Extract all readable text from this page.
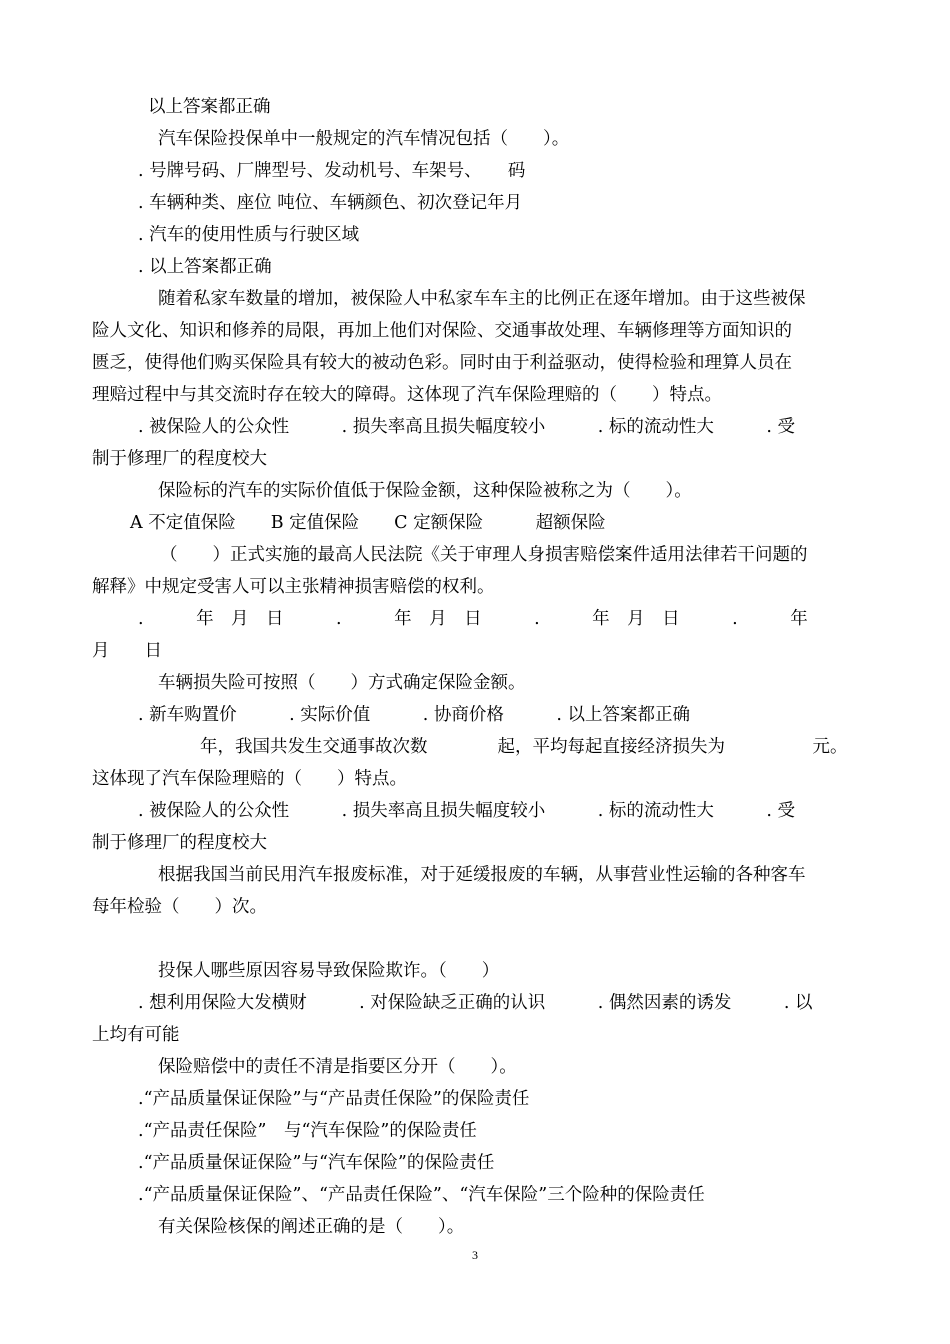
以上答案都正确
汽车保险投保单中一般规定的汽车情况包括（　　）。
. 号牌号码、厂牌型号、发动机号、车架号、　　码
. 车辆种类、座位 吨位、车辆颜色、初次登记年月
. 汽车的使用性质与行驶区域
. 以上答案都正确
随着私家车数量的增加，被保险人中私家车车主的比例正在逐年增加。由于这些被保
险人文化、知识和修养的局限，再加上他们对保险、交通事故处理、车辆修理等方面知识的
匮乏，使得他们购买保险具有较大的被动色彩。同时由于利益驱动，使得检验和理算人员在
理赔过程中与其交流时存在较大的障碍。这体现了汽车保险理赔的（　　）特点。
. 被保险人的公众性　　　. 损失率高且损失幅度较小　　　. 标的流动性大　　　. 受
制于修理厂的程度校大
保险标的汽车的实际价值低于保险金额，这种保险被称之为（　　）。
A 不定值保险　　B 定值保险　　C 定额保险　　　超额保险
（　　）正式实施的最高人民法院《关于审理人身损害赔偿案件适用法律若干问题的
解释》中规定受害人可以主张精神损害赔偿的权利。
.　　　年　月　日　　　.　　　年　月　日　　　.　　　年　月　日　　　.　　　年
月　　日
车辆损失险可按照（　　）方式确定保险金额。
. 新车购置价　　　. 实际价值　　　. 协商价格　　　. 以上答案都正确
年，我国共发生交通事故次数　　　　起，平均每起直接经济损失为　　　　　元。
这体现了汽车保险理赔的（　　）特点。
. 被保险人的公众性　　　. 损失率高且损失幅度较小　　　. 标的流动性大　　　. 受
制于修理厂的程度校大
根据我国当前民用汽车报废标准，对于延缓报废的车辆，从事营业性运输的各种客车
每年检验（　　）次。
投保人哪些原因容易导致保险欺诈。（　　）
. 想利用保险大发横财　　　. 对保险缺乏正确的认识　　　. 偶然因素的诱发　　　. 以
上均有可能
保险赔偿中的责任不清是指要区分开（　　）。
.“产品质量保证保险”与“产品责任保险”的保险责任
.“产品责任保险”　与“汽车保险”的保险责任
.“产品质量保证保险”与“汽车保险”的保险责任
.“产品质量保证保险”、“产品责任保险”、“汽车保险”三个险种的保险责任
有关保险核保的阐述正确的是（　　）。
3
